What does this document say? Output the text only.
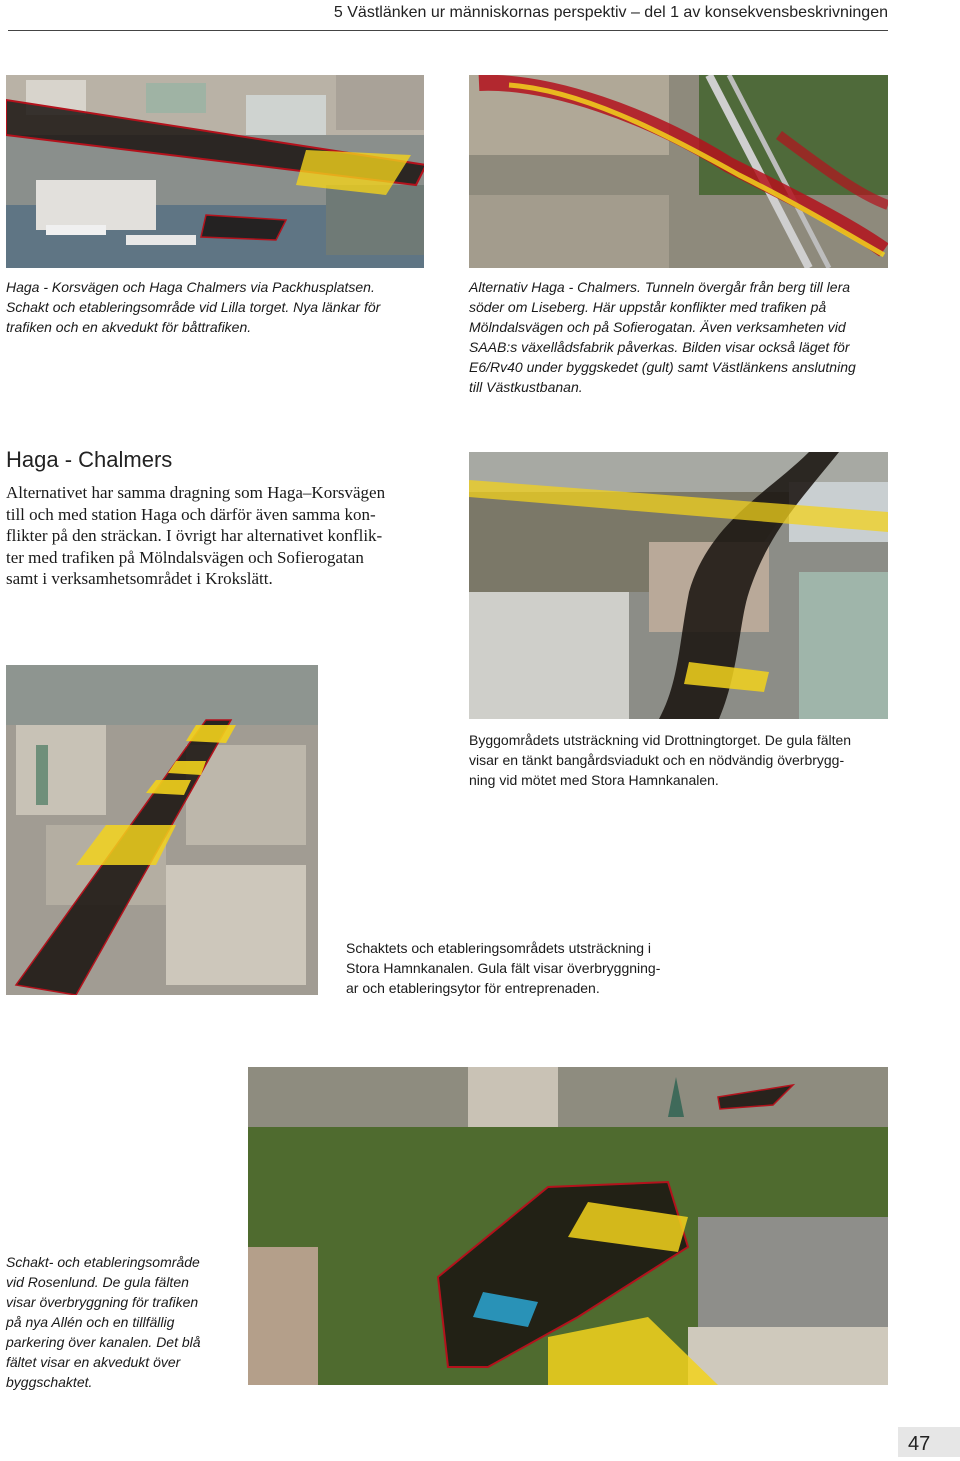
5 Västlänken ur människornas perspektiv – del 1 av konsekvensbeskrivningen

Haga - Korsvägen och Haga Chalmers via Packhusplatsen.

Schakt och etableringsområde vid Lilla torget. Nya länkar för

trafiken och en akvedukt för båttrafiken.

Alternativ Haga - Chalmers. Tunneln övergår från berg till lera

söder om Liseberg. Här uppstår konflikter med trafiken på

Mölndalsvägen och på Sofierogatan. Även verksamheten vid

SAAB:s växellådsfabrik påverkas. Bilden visar också läget för

E6/Rv40 under byggskedet (gult) samt Västlänkens anslutning

till Västkustbanan.

Haga - Chalmers
Alternativet har samma dragning som Haga–Korsvägen
till och med station Haga och därför även samma kon-
flikter på den sträckan. I övrigt har alternativet konflik-
ter med trafiken på Mölndalsvägen och Sofierogatan
samt i verksamhetsområdet i Krokslätt.

Byggområdets utsträckning vid Drottningtorget. De gula fälten

visar en tänkt bangårdsviadukt och en nödvändig överbrygg-

ning vid mötet med Stora Hamnkanalen.

Schaktets och etableringsområdets utsträckning i

Stora Hamnkanalen. Gula fält visar överbryggning-

ar och etableringsytor för entreprenaden.

Schakt- och etableringsområde

vid Rosenlund. De gula fälten

visar överbryggning för trafiken

på nya Allén och en tillfällig

parkering över kanalen. Det blå

fältet visar en akvedukt över

byggschaktet.

47
